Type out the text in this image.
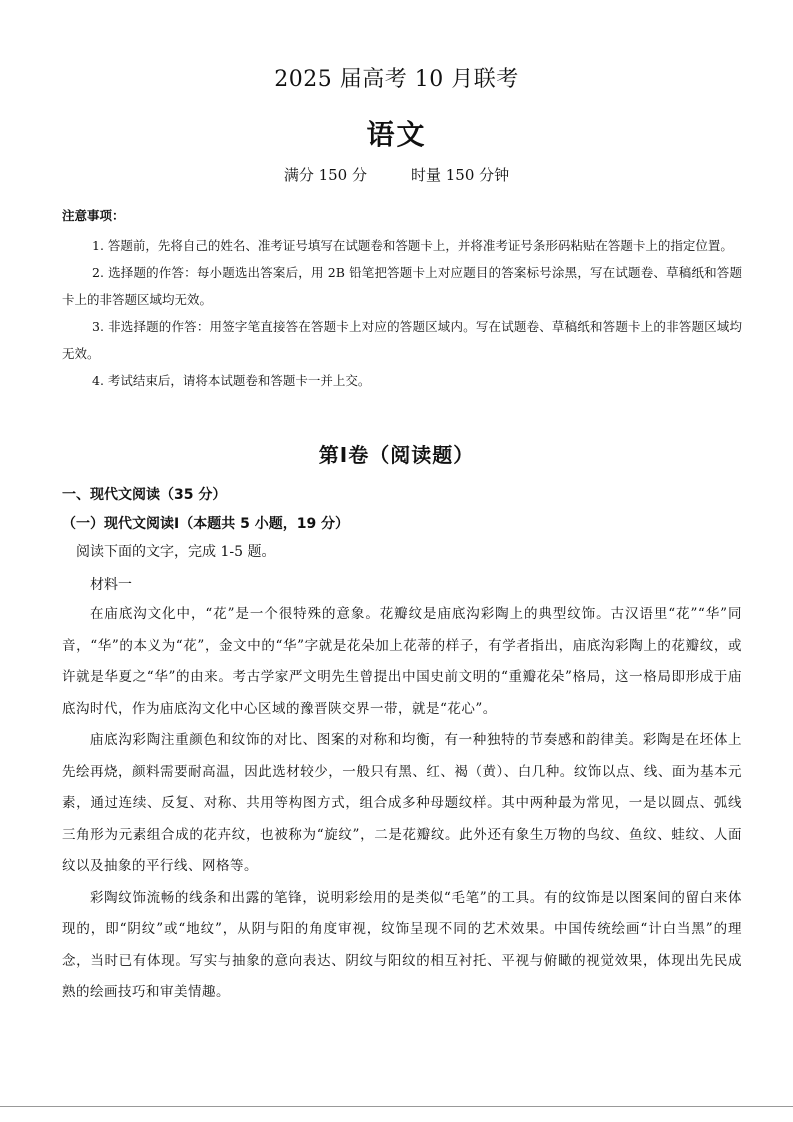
2025 届高考 10 月联考
语文
满分 150 分	时量 150 分钟
注意事项：

1. 答题前，先将自己的姓名、准考证号填写在试题卷和答题卡上，并将准考证号条形码粘贴在答题卡上的指定位置。

2. 选择题的作答：每小题选出答案后，用 2B 铅笔把答题卡上对应题目的答案标号涂黑，写在试题卷、草稿纸和答题卡上的非答题区域均无效。

3. 非选择题的作答：用签字笔直接答在答题卡上对应的答题区域内。写在试题卷、草稿纸和答题卡上的非答题区域均无效。

4. 考试结束后，请将本试题卷和答题卡一并上交。

第Ⅰ卷（阅读题）
一、现代文阅读（35 分）
（一）现代文阅读Ⅰ（本题共 5 小题，19 分）
阅读下面的文字，完成 1-5 题。
材料一

在庙底沟文化中，“花”是一个很特殊的意象。花瓣纹是庙底沟彩陶上的典型纹饰。古汉语里“花”“华”同音，“华”的本义为“花”，金文中的“华”字就是花朵加上花蒂的样子，有学者指出，庙底沟彩陶上的花瓣纹，或许就是华夏之“华”的由来。考古学家严文明先生曾提出中国史前文明的“重瓣花朵”格局，这一格局即形成于庙底沟时代，作为庙底沟文化中心区域的豫晋陕交界一带，就是“花心”。

庙底沟彩陶注重颜色和纹饰的对比、图案的对称和均衡，有一种独特的节奏感和韵律美。彩陶是在坯体上先绘再烧，颜料需要耐高温，因此选材较少，一般只有黑、红、褐（黄）、白几种。纹饰以点、线、面为基本元素，通过连续、反复、对称、共用等构图方式，组合成多种母题纹样。其中两种最为常见，一是以圆点、弧线三角形为元素组合成的花卉纹，也被称为“旋纹”，二是花瓣纹。此外还有象生万物的鸟纹、鱼纹、蛙纹、人面纹以及抽象的平行线、网格等。

彩陶纹饰流畅的线条和出露的笔锋，说明彩绘用的是类似“毛笔”的工具。有的纹饰是以图案间的留白来体现的，即“阴纹”或“地纹”，从阴与阳的角度审视，纹饰呈现不同的艺术效果。中国传统绘画“计白当黑”的理念，当时已有体现。写实与抽象的意向表达、阴纹与阳纹的相互衬托、平视与俯瞰的视觉效果，体现出先民成熟的绘画技巧和审美情趣。
